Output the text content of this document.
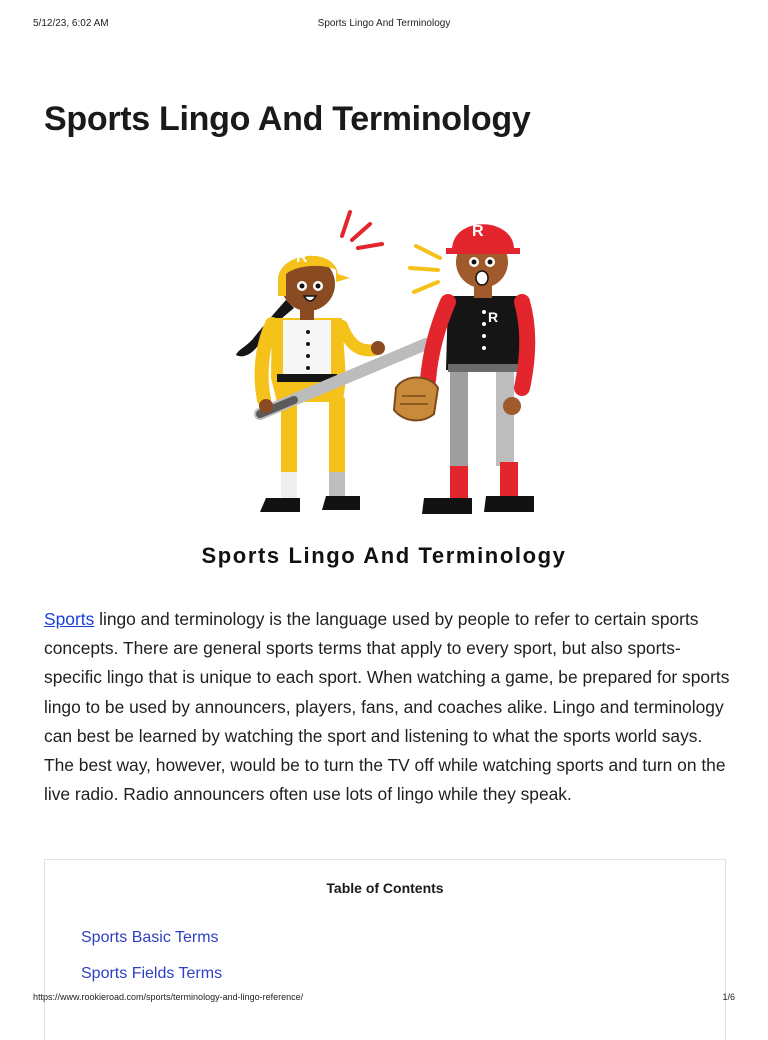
5/12/23, 6:02 AM	Sports Lingo And Terminology
Sports Lingo And Terminology
R
R
R
Sports Lingo And Terminology

Sports lingo and terminology is the language used by people to refer to certain sports concepts. There are general sports terms that apply to every sport, but also sports-specific lingo that is unique to each sport. When watching a game, be prepared for sports lingo to be used by announcers, players, fans, and coaches alike. Lingo and terminology can best be learned by watching the sport and listening to what the sports world says. The best way, however, would be to turn the TV off while watching sports and turn on the live radio. Radio announcers often use lots of lingo while they speak.

Table of Contents
Sports Basic Terms
Sports Fields Terms
https://www.rookieroad.com/sports/terminology-and-lingo-reference/	1/6
